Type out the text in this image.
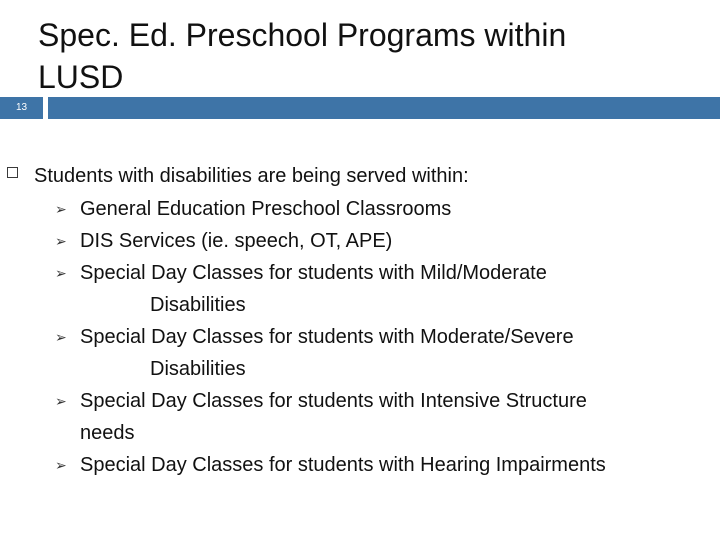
Spec. Ed. Preschool Programs within
LUSD
13
Students with disabilities are being served within:
➢ General Education Preschool Classrooms
➢ DIS Services (ie. speech, OT, APE)
➢ Special Day Classes for students with Mild/Moderate
Disabilities
➢ Special Day Classes for students with Moderate/Severe
Disabilities
➢ Special Day Classes for students with Intensive Structure
needs
➢ Special Day Classes for students with Hearing Impairments
